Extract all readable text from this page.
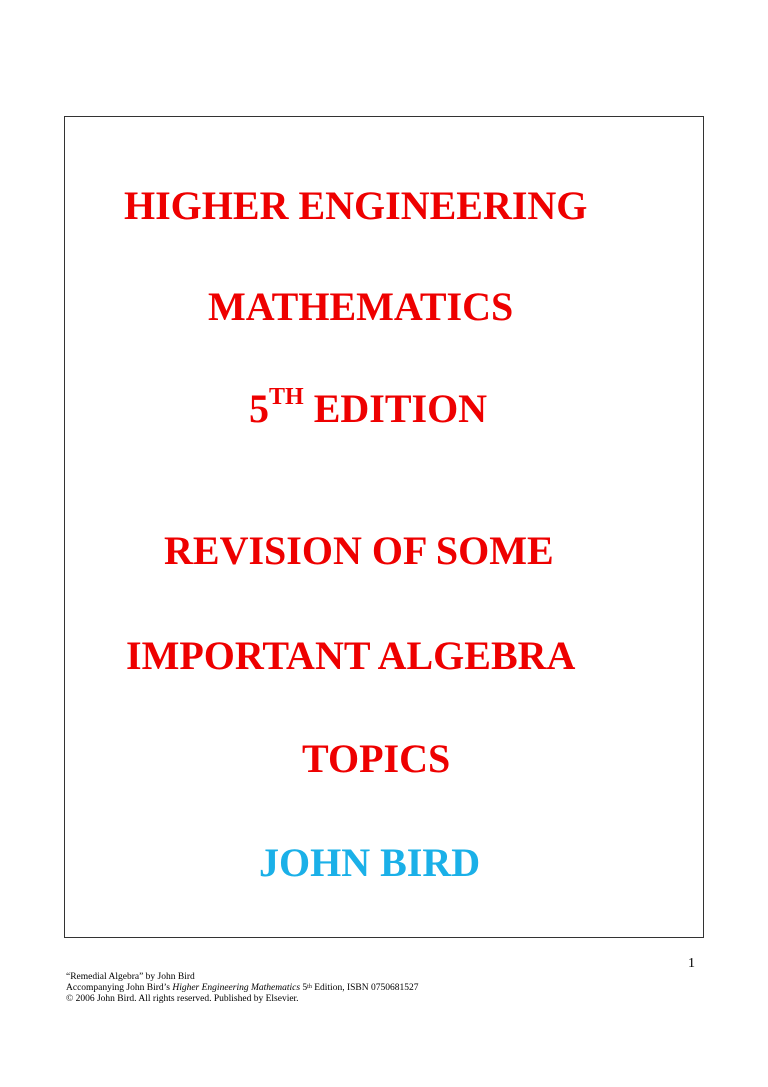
HIGHER ENGINEERING
MATHEMATICS
5TH EDITION
REVISION OF SOME
IMPORTANT ALGEBRA
TOPICS
JOHN BIRD
1
“Remedial Algebra” by John Bird
Accompanying John Bird’s Higher Engineering Mathematics 5th Edition, ISBN 0750681527
© 2006 John Bird. All rights reserved. Published by Elsevier.
